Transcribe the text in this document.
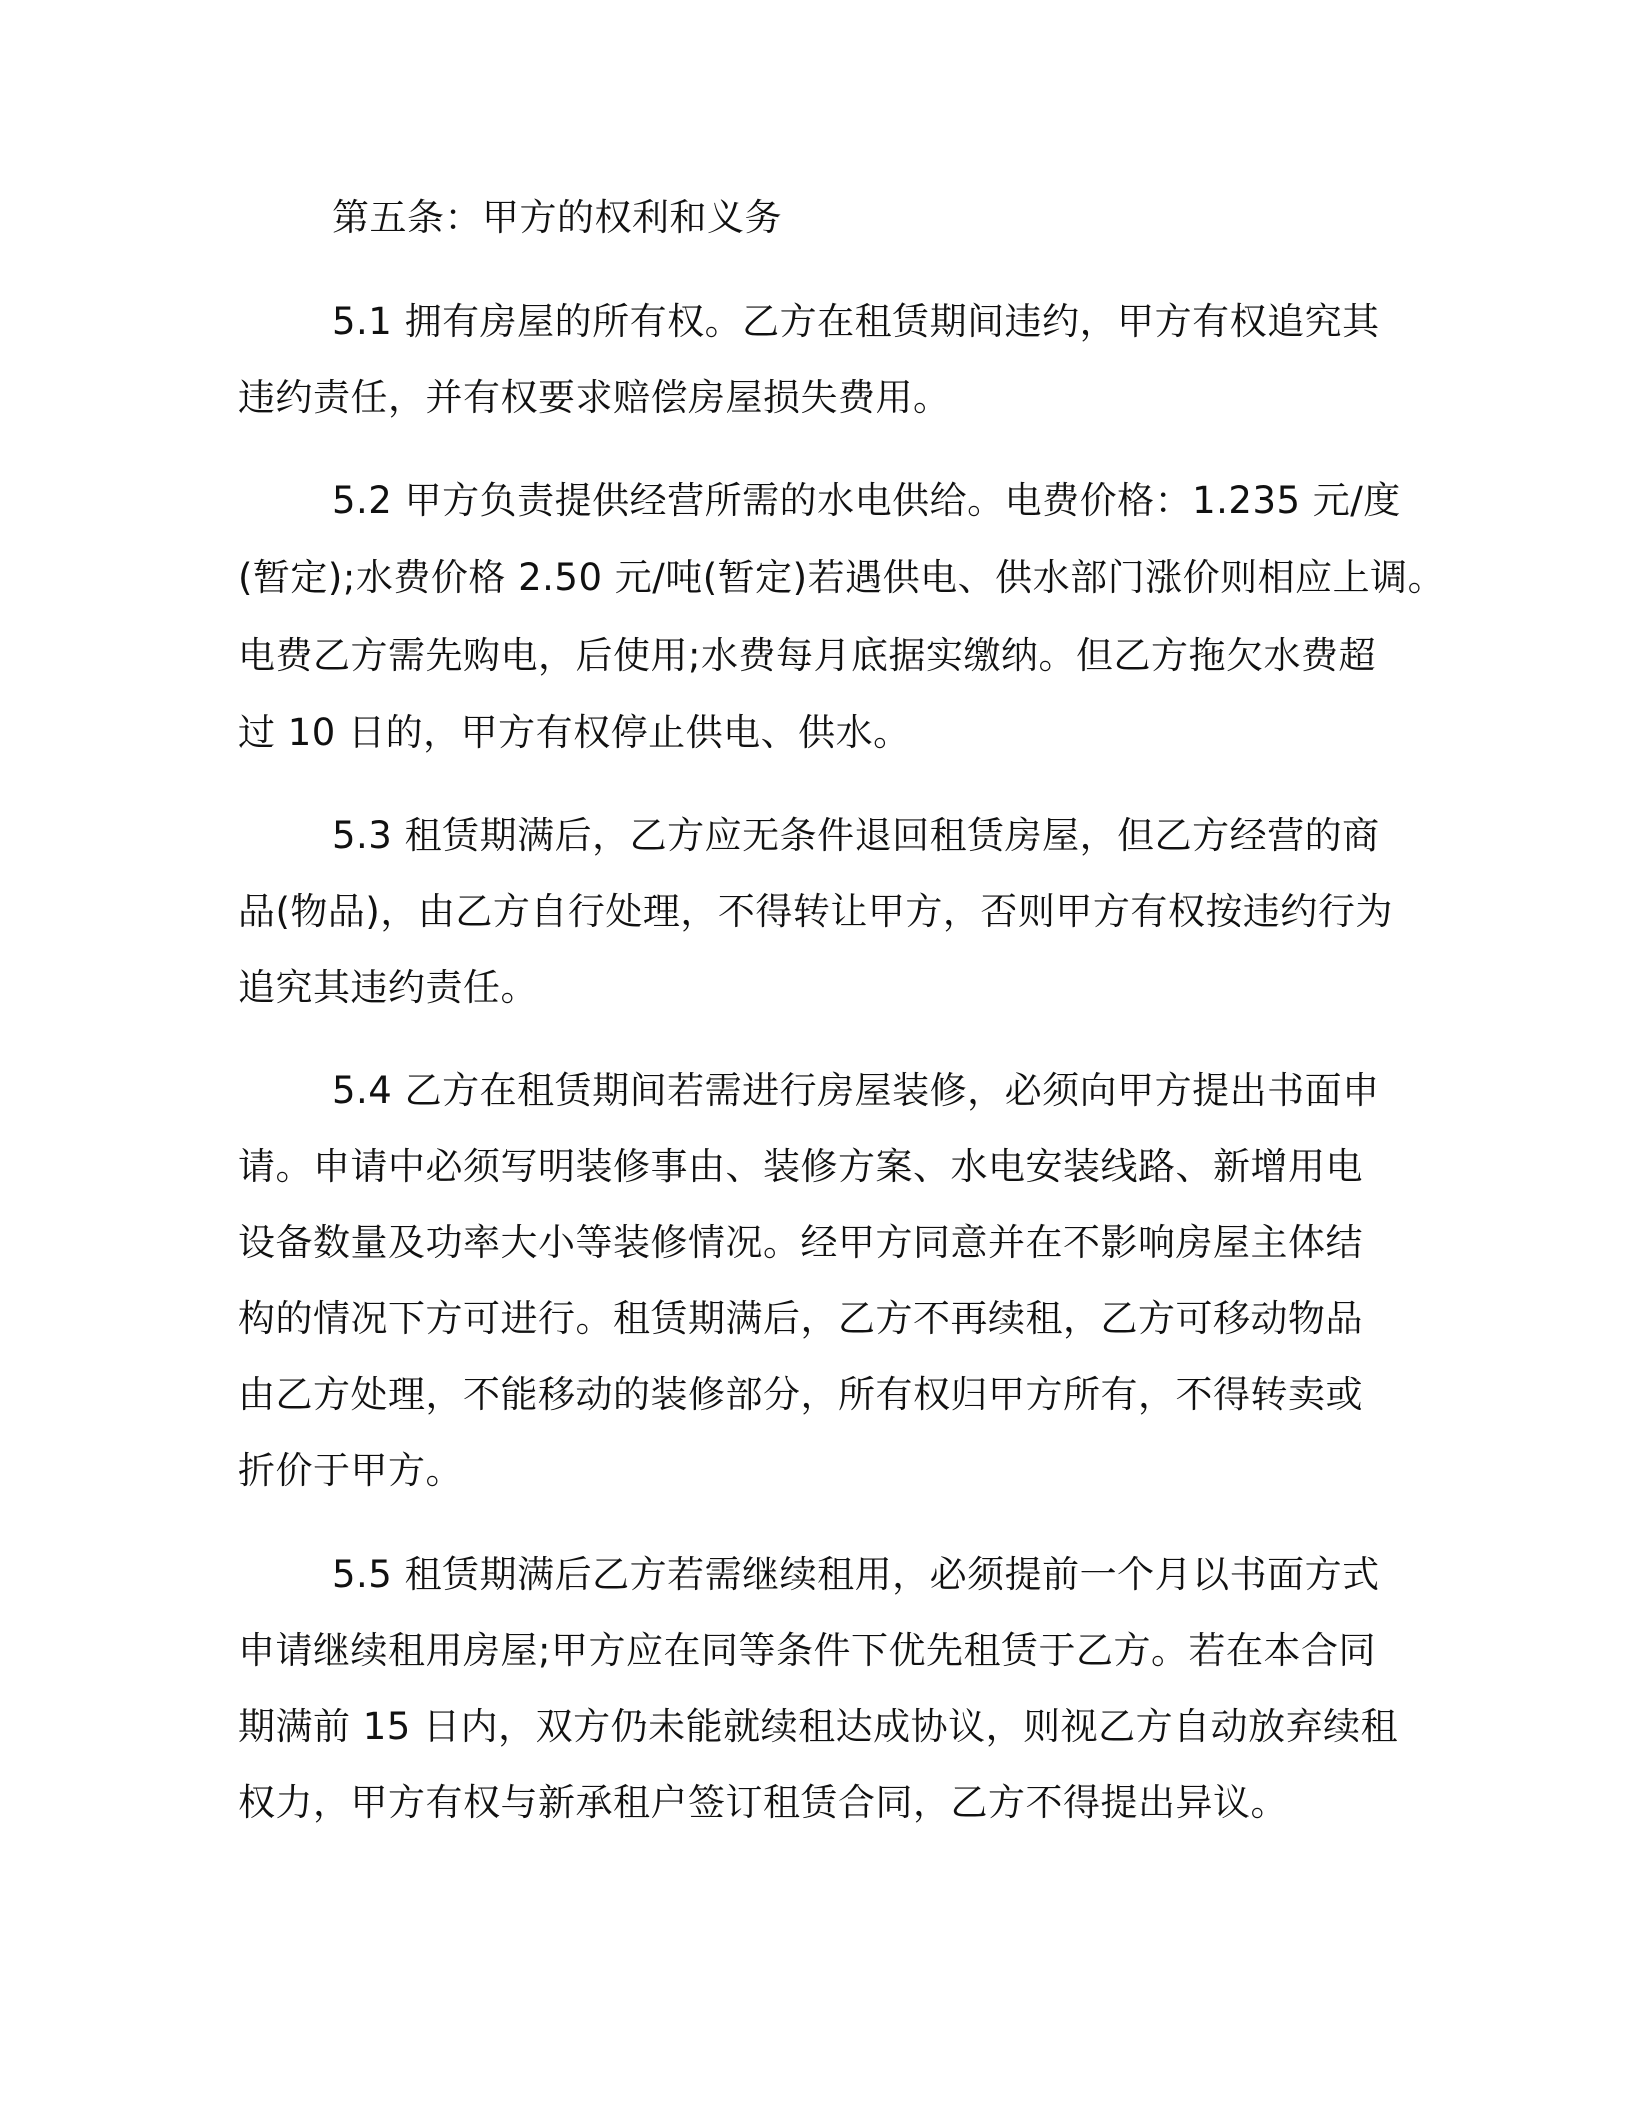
第五条：甲方的权利和义务
5.1 拥有房屋的所有权。乙方在租赁期间违约，甲方有权追究其
违约责任，并有权要求赔偿房屋损失费用。
5.2 甲方负责提供经营所需的水电供给。电费价格：1.235 元/度
(暂定);水费价格 2.50 元/吨(暂定)若遇供电、供水部门涨价则相应上调。
电费乙方需先购电，后使用;水费每月底据实缴纳。但乙方拖欠水费超
过 10 日的，甲方有权停止供电、供水。
5.3 租赁期满后，乙方应无条件退回租赁房屋，但乙方经营的商
品(物品)，由乙方自行处理，不得转让甲方，否则甲方有权按违约行为
追究其违约责任。
5.4 乙方在租赁期间若需进行房屋装修，必须向甲方提出书面申
请。申请中必须写明装修事由、装修方案、水电安装线路、新增用电
设备数量及功率大小等装修情况。经甲方同意并在不影响房屋主体结
构的情况下方可进行。租赁期满后，乙方不再续租，乙方可移动物品
由乙方处理，不能移动的装修部分，所有权归甲方所有，不得转卖或
折价于甲方。
5.5 租赁期满后乙方若需继续租用，必须提前一个月以书面方式
申请继续租用房屋;甲方应在同等条件下优先租赁于乙方。若在本合同
期满前 15 日内，双方仍未能就续租达成协议，则视乙方自动放弃续租
权力，甲方有权与新承租户签订租赁合同，乙方不得提出异议。
